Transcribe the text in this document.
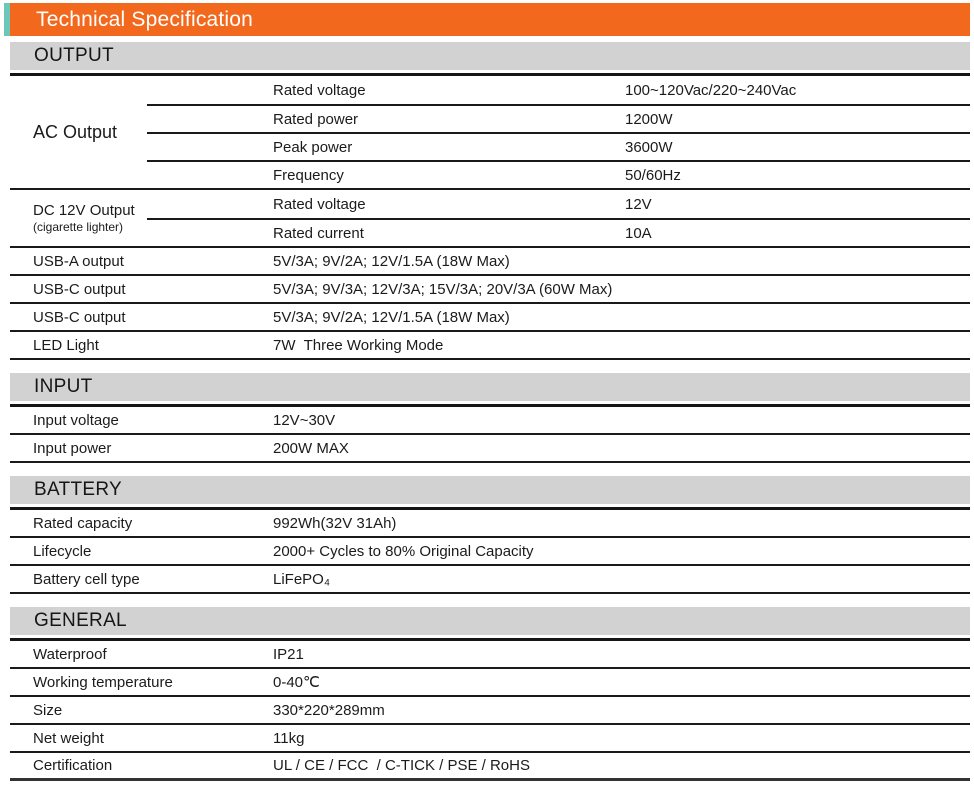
Technical Specification
OUTPUT
AC Output
Rated voltage	100~120Vac/220~240Vac
Rated power	1200W
Peak power	3600W
Frequency	50/60Hz
DC 12V Output
(cigarette lighter)
Rated voltage	12V
Rated current	10A
USB-A output	5V/3A; 9V/2A; 12V/1.5A (18W Max)
USB-C output	5V/3A; 9V/3A; 12V/3A; 15V/3A; 20V/3A (60W Max)
USB-C output	5V/3A; 9V/2A; 12V/1.5A (18W Max)
LED Light	7W  Three Working Mode
INPUT
Input voltage	12V~30V
Input power	200W MAX
BATTERY
Rated capacity	992Wh(32V 31Ah)
Lifecycle	2000+ Cycles to 80% Original Capacity
Battery cell type	LiFePO₄
GENERAL
Waterproof	IP21
Working temperature	0-40℃
Size	330*220*289mm
Net weight	11kg
Certification	UL / CE / FCC  / C-TICK / PSE / RoHS
